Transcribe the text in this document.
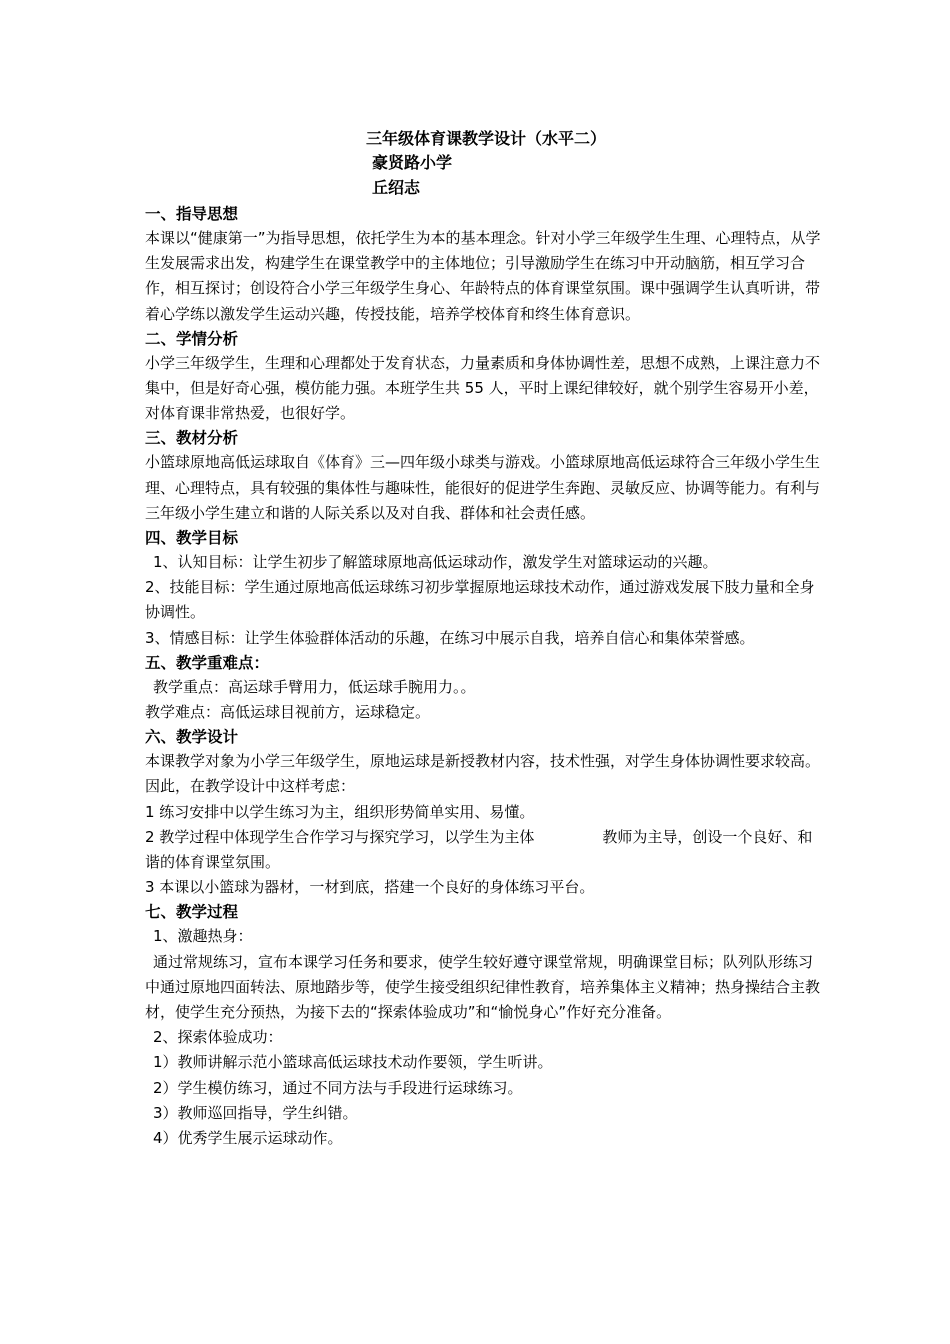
三年级体育课教学设计（水平二）
豪贤路小学
丘绍志

一、指导思想

本课以“健康第一”为指导思想，依托学生为本的基本理念。针对小学三年级学生生理、心理特点，从学生发展需求出发，构建学生在课堂教学中的主体地位；引导激励学生在练习中开动脑筋，相互学习合作，相互探讨；创设符合小学三年级学生身心、年龄特点的体育课堂氛围。课中强调学生认真听讲，带着心学练以激发学生运动兴趣，传授技能，培养学校体育和终生体育意识。

二、学情分析

小学三年级学生，生理和心理都处于发育状态，力量素质和身体协调性差，思想不成熟，上课注意力不集中，但是好奇心强，模仿能力强。本班学生共 55 人，平时上课纪律较好，就个别学生容易开小差，对体育课非常热爱，也很好学。

三、教材分析

小篮球原地高低运球取自《体育》三—四年级小球类与游戏。小篮球原地高低运球符合三年级小学生生理、心理特点，具有较强的集体性与趣味性，能很好的促进学生奔跑、灵敏反应、协调等能力。有利与三年级小学生建立和谐的人际关系以及对自我、群体和社会责任感。

四、教学目标

1、认知目标：让学生初步了解篮球原地高低运球动作，激发学生对篮球运动的兴趣。

2、技能目标：学生通过原地高低运球练习初步掌握原地运球技术动作，通过游戏发展下肢力量和全身协调性。

3、情感目标：让学生体验群体活动的乐趣，在练习中展示自我，培养自信心和集体荣誉感。

五、教学重难点：

教学重点：高运球手臂用力，低运球手腕用力。。

教学难点：高低运球目视前方，运球稳定。

六、教学设计

本课教学对象为小学三年级学生，原地运球是新授教材内容，技术性强，对学生身体协调性要求较高。因此，在教学设计中这样考虑：

1 练习安排中以学生练习为主，组织形势简单实用、易懂。

2 教学过程中体现学生合作学习与探究学习，以学生为主体	教师为主导，创设一个良好、和谐的体育课堂氛围。

3 本课以小篮球为器材，一材到底，搭建一个良好的身体练习平台。

七、教学过程

1、激趣热身：

通过常规练习，宣布本课学习任务和要求，使学生较好遵守课堂常规，明确课堂目标；队列队形练习中通过原地四面转法、原地踏步等，使学生接受组织纪律性教育，培养集体主义精神；热身操结合主教材，使学生充分预热，为接下去的“探索体验成功”和“愉悦身心”作好充分准备。

2、探索体验成功：

1）教师讲解示范小篮球高低运球技术动作要领，学生听讲。

2）学生模仿练习，通过不同方法与手段进行运球练习。

3）教师巡回指导，学生纠错。

4）优秀学生展示运球动作。
